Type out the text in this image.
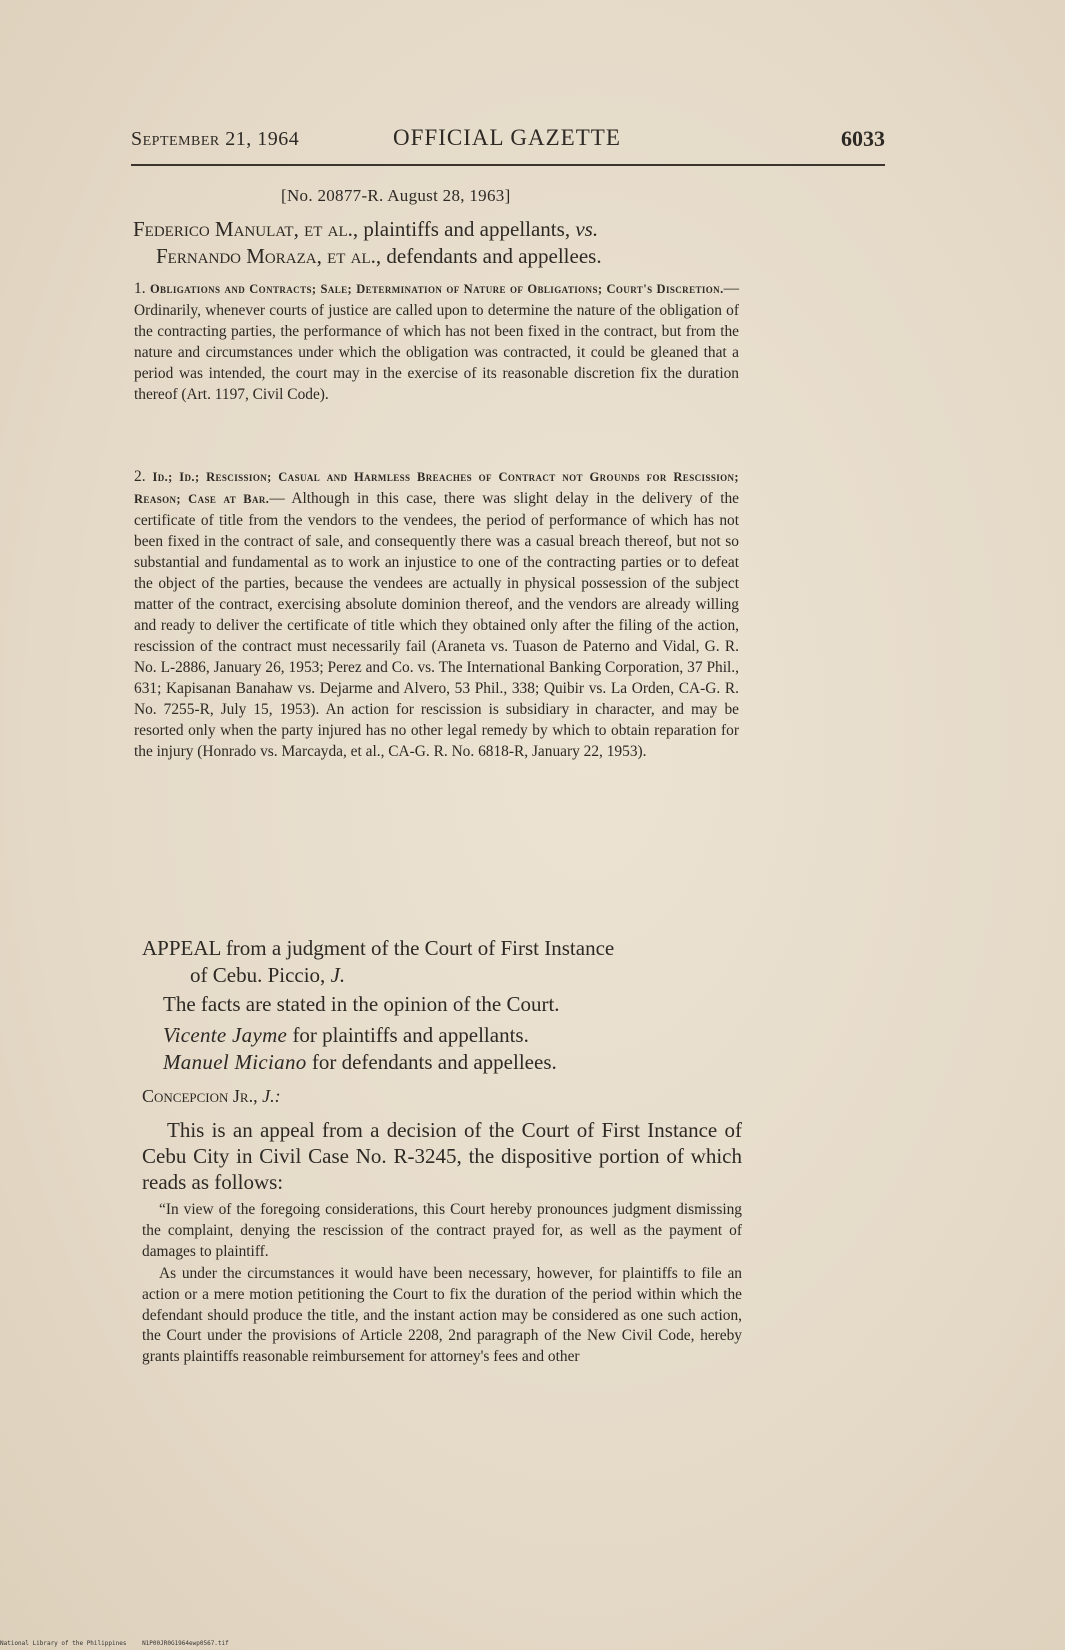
September 21, 1964	OFFICIAL GAZETTE	6033
[No. 20877-R. August 28, 1963]
Federico Manulat, et al., plaintiffs and appellants, vs.
Fernando Moraza, et al., defendants and appellees.
1. Obligations and Contracts; Sale; Determination of Nature of Obligations; Court's Discretion.—Ordinarily, whenever courts of justice are called upon to determine the nature of the obligation of the contracting parties, the performance of which has not been fixed in the contract, but from the nature and circumstances under which the obligation was contracted, it could be gleaned that a period was intended, the court may in the exercise of its reasonable discretion fix the duration thereof (Art. 1197, Civil Code).
2. Id.; Id.; Rescission; Casual and Harmless Breaches of Contract not Grounds for Rescission; Reason; Case at Bar.— Although in this case, there was slight delay in the delivery of the certificate of title from the vendors to the vendees, the period of performance of which has not been fixed in the contract of sale, and consequently there was a casual breach thereof, but not so substantial and fundamental as to work an injustice to one of the contracting parties or to defeat the object of the parties, because the vendees are actually in physical possession of the subject matter of the contract, exercising absolute dominion thereof, and the vendors are already willing and ready to deliver the certificate of title which they obtained only after the filing of the action, rescission of the contract must necessarily fail (Araneta vs. Tuason de Paterno and Vidal, G. R. No. L-2886, January 26, 1953; Perez and Co. vs. The International Banking Corporation, 37 Phil., 631; Kapisanan Banahaw vs. Dejarme and Alvero, 53 Phil., 338; Quibir vs. La Orden, CA-G. R. No. 7255-R, July 15, 1953). An action for rescission is subsidiary in character, and may be resorted only when the party injured has no other legal remedy by which to obtain reparation for the injury (Honrado vs. Marcayda, et al., CA-G. R. No. 6818-R, January 22, 1953).
APPEAL from a judgment of the Court of First Instance
of Cebu. Piccio, J.
The facts are stated in the opinion of the Court.
Vicente Jayme for plaintiffs and appellants.
Manuel Miciano for defendants and appellees.
Concepcion Jr., J.:
This is an appeal from a decision of the Court of First Instance of Cebu City in Civil Case No. R-3245, the dispositive portion of which reads as follows:

“In view of the foregoing considerations, this Court hereby pronounces judgment dismissing the complaint, denying the rescission of the contract prayed for, as well as the payment of damages to plaintiff.

As under the circumstances it would have been necessary, however, for plaintiffs to file an action or a mere motion petitioning the Court to fix the duration of the period within which the defendant should produce the title, and the instant action may be considered as one such action, the Court under the provisions of Article 2208, 2nd paragraph of the New Civil Code, hereby grants plaintiffs reasonable reimbursement for attorney's fees and other

National Library of the Philippines	N1P00JR0G1964ewp0567.tif
